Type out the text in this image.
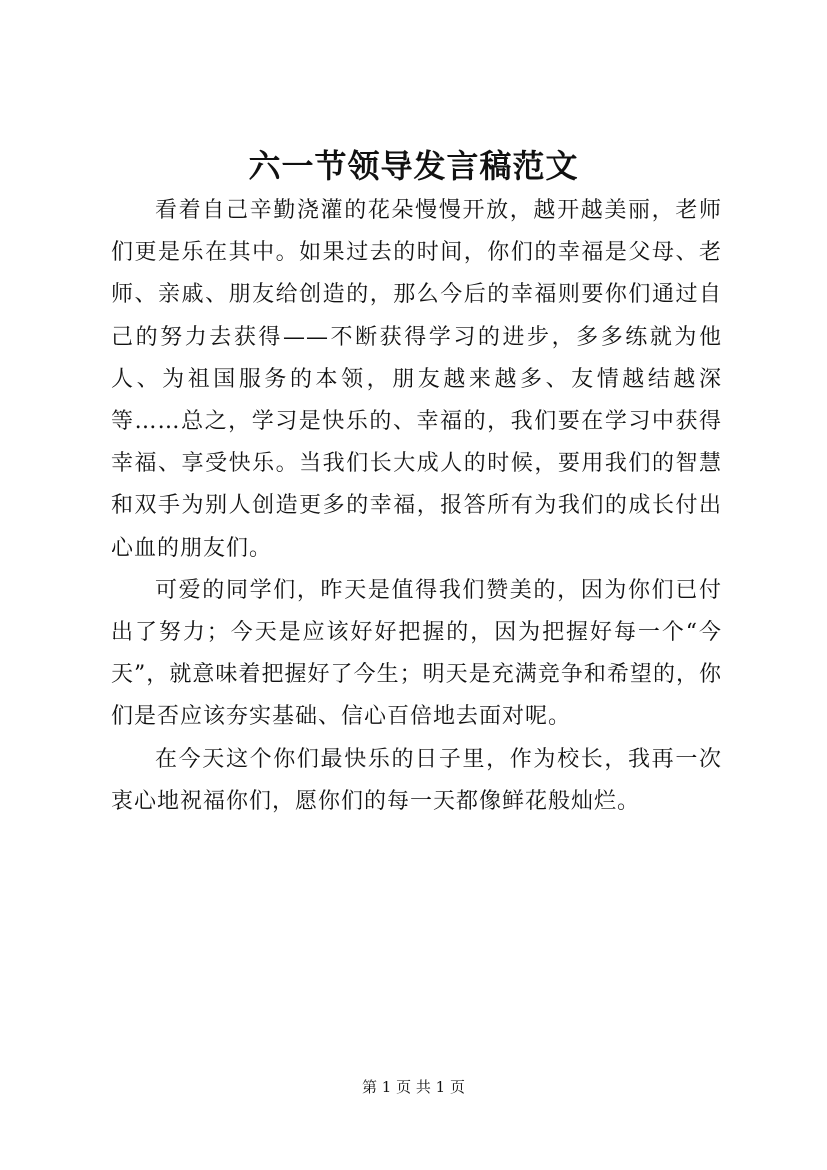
六一节领导发言稿范文

看着自己辛勤浇灌的花朵慢慢开放，越开越美丽，老师们更是乐在其中。如果过去的时间，你们的幸福是父母、老师、亲戚、朋友给创造的，那么今后的幸福则要你们通过自己的努力去获得——不断获得学习的进步，多多练就为他人、为祖国服务的本领，朋友越来越多、友情越结越深等……总之，学习是快乐的、幸福的，我们要在学习中获得幸福、享受快乐。当我们长大成人的时候，要用我们的智慧和双手为别人创造更多的幸福，报答所有为我们的成长付出心血的朋友们。

可爱的同学们，昨天是值得我们赞美的，因为你们已付出了努力；今天是应该好好把握的，因为把握好每一个“今天”，就意味着把握好了今生；明天是充满竞争和希望的，你们是否应该夯实基础、信心百倍地去面对呢。

在今天这个你们最快乐的日子里，作为校长，我再一次衷心地祝福你们，愿你们的每一天都像鲜花般灿烂。

第 1 页 共 1 页
